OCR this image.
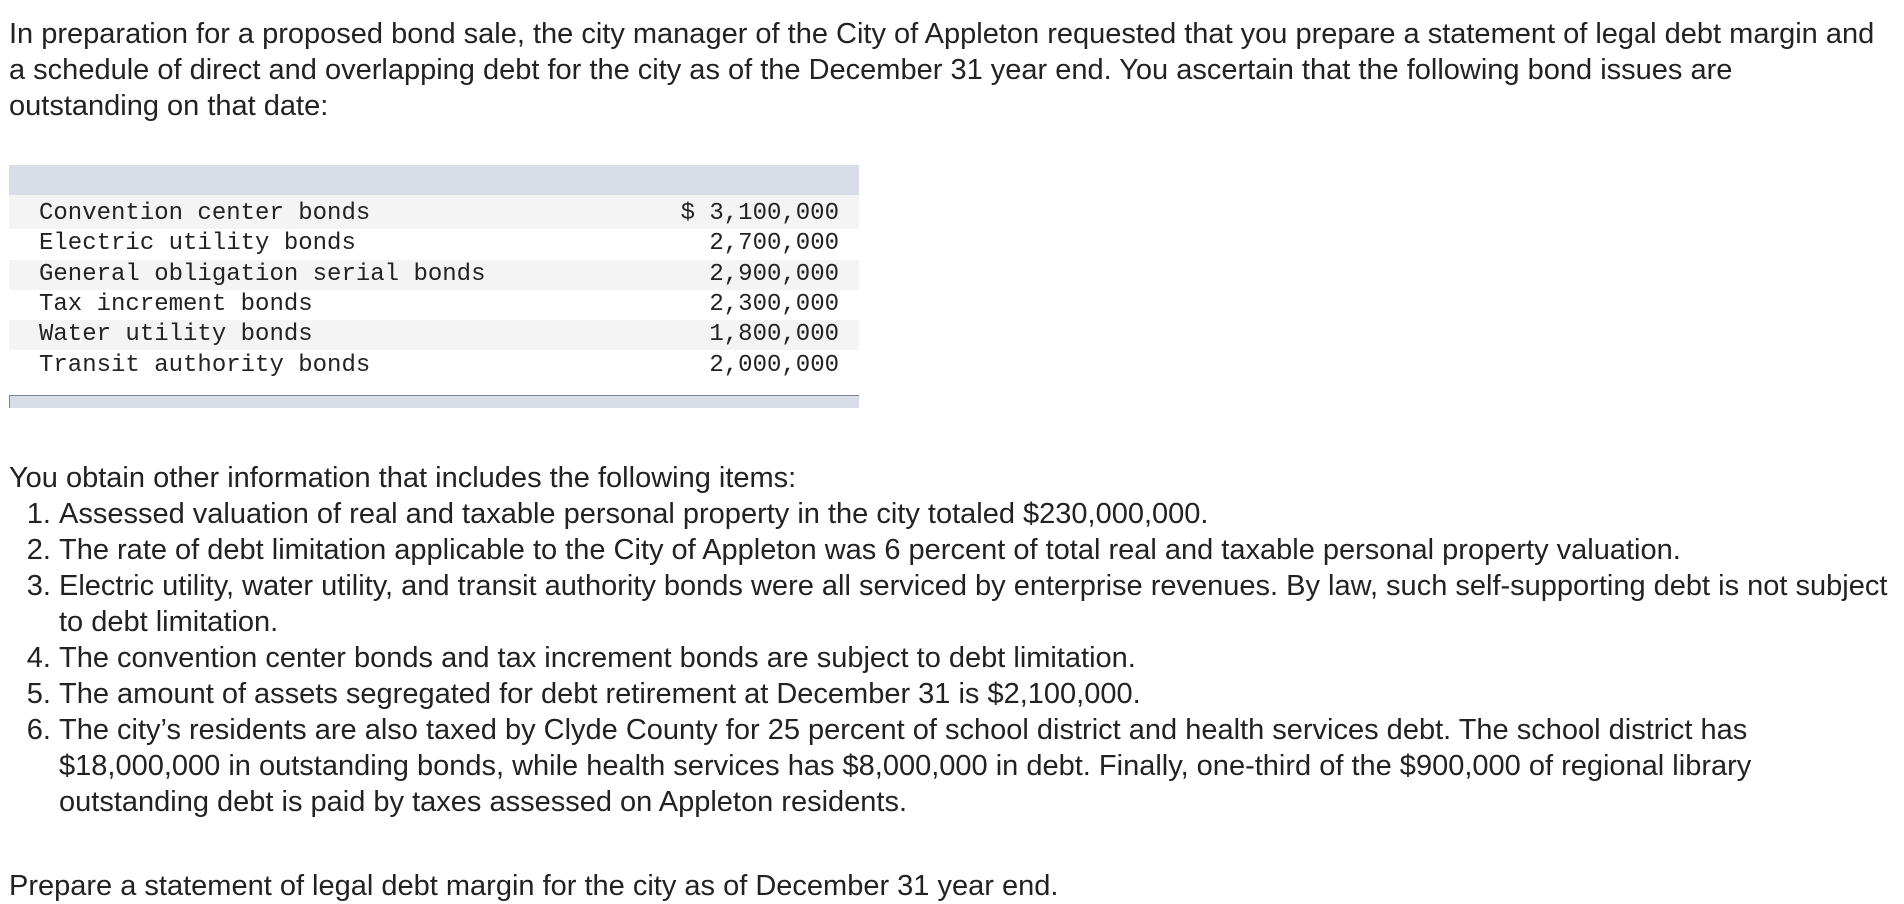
In preparation for a proposed bond sale, the city manager of the City of Appleton requested that you prepare a statement of legal debt margin and a schedule of direct and overlapping debt for the city as of the December 31 year end. You ascertain that the following bond issues are outstanding on that date:

Convention center bonds	$ 3,100,000
Electric utility bonds	2,700,000
General obligation serial bonds	2,900,000
Tax increment bonds	2,300,000
Water utility bonds	1,800,000
Transit authority bonds	2,000,000

You obtain other information that includes the following items:

1. Assessed valuation of real and taxable personal property in the city totaled $230,000,000.
2. The rate of debt limitation applicable to the City of Appleton was 6 percent of total real and taxable personal property valuation.
3. Electric utility, water utility, and transit authority bonds were all serviced by enterprise revenues. By law, such self-supporting debt is not subject to debt limitation.
4. The convention center bonds and tax increment bonds are subject to debt limitation.
5. The amount of assets segregated for debt retirement at December 31 is $2,100,000.
6. The city’s residents are also taxed by Clyde County for 25 percent of school district and health services debt. The school district has $18,000,000 in outstanding bonds, while health services has $8,000,000 in debt. Finally, one-third of the $900,000 of regional library outstanding debt is paid by taxes assessed on Appleton residents.
Prepare a statement of legal debt margin for the city as of December 31 year end.
